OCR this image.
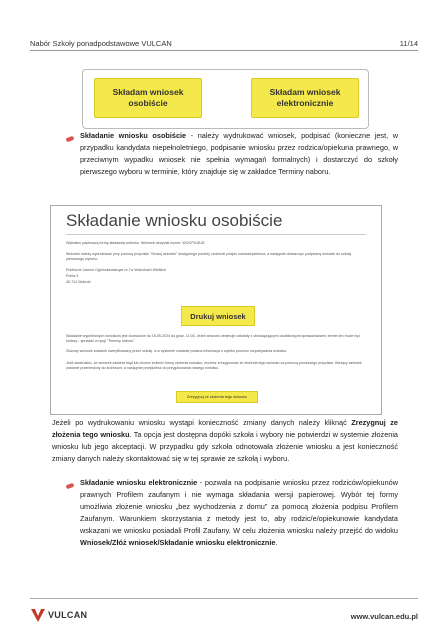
Nabór Szkoły ponadpodstawowe VULCAN	11/14
Składam wniosek
osobiście
Składam wniosek
elektronicznie
Składanie wniosku osobiście - należy wydrukować wniosek, podpisać (konieczne jest, w przypadku kandydata niepełnoletniego, podpisanie wniosku przez rodzica/opiekuna prawnego, w przeciwnym wypadku wniosek nie spełnia wymagań formalnych) i dostarczyć do szkoły pierwszego wyboru w terminie, który znajduje się w zakładce Terminy naboru.
Składanie wniosku osobiście
Wybrałeś papierową formę składania wniosku. Wniosek otrzymał numer: WOCPU1BJ5
Wniosek należy wydrukować przy pomocy przycisku "Drukuj wniosek" dostępnego poniżej, umieścić podpis rodzica/opiekuna, a następnie dostarczyć podpisany wniosek do szkoły pierwszego wyboru:
Publiczne Liceum Ogólnokształcące nr I w Wołczkach Wielkich
Polna 3
45-714 Wołczki
Drukuj wniosek
Składanie wypełnionych wniosków jest dozwolone do 18-05-2024 do godz. 11:00. Jeżeli wniosek obejmuje oddziały z obowiązującymi dodatkowymi sprawdzianami, termin ten może być krótszy - sprawdź w opcji "Terminy naboru".
Złożony wniosek zostanie zweryfikowany przez szkołę, a w systemie zostanie podana informacja o wyniku procesu rozpatrywania wniosku.
Jeśli stwierdzisz, że wniosek zawiera błąd lub chcesz zmienić formę złożenia wniosku, możesz zrezygnować ze złożenia tego wniosku za pomocą poniższego przycisku. Bieżący wniosek zostanie przeniesiony do archiwum, a następnie przejdziesz do przygotowania nowego wniosku.
Zrezygnuj ze złożenia tego wniosku
Jeżeli po wydrukowaniu wniosku wystąpi konieczność zmiany danych należy kliknąć Zrezygnuj ze złożenia tego wniosku. Ta opcja jest dostępna dopóki szkoła i wybory nie potwierdzi w systemie złożenia wniosku lub jego akceptacji. W przypadku gdy szkoła odnotowała złożenie wniosku a jest konieczność zmiany danych należy skontaktować się w tej sprawie ze szkołą i wyboru.
Składanie wniosku elektronicznie - pozwala na podpisanie wniosku przez rodziców/opiekunów prawnych Profilem zaufanym i nie wymaga składania wersji papierowej. Wybór tej formy umożliwia złożenie wniosku „bez wychodzenia z domu" za pomocą złożenia podpisu Profilem Zaufanym. Warunkiem skorzystania z metody jest to, aby rodzic/e/opiekunowie kandydata wskazani we wniosku posiadali Profil Zaufany. W celu złożenia wniosku należy przejść do widoku Wniosek/Złóż wniosek/Składanie wniosku elektronicznie.
VULCAN	www.vulcan.edu.pl
